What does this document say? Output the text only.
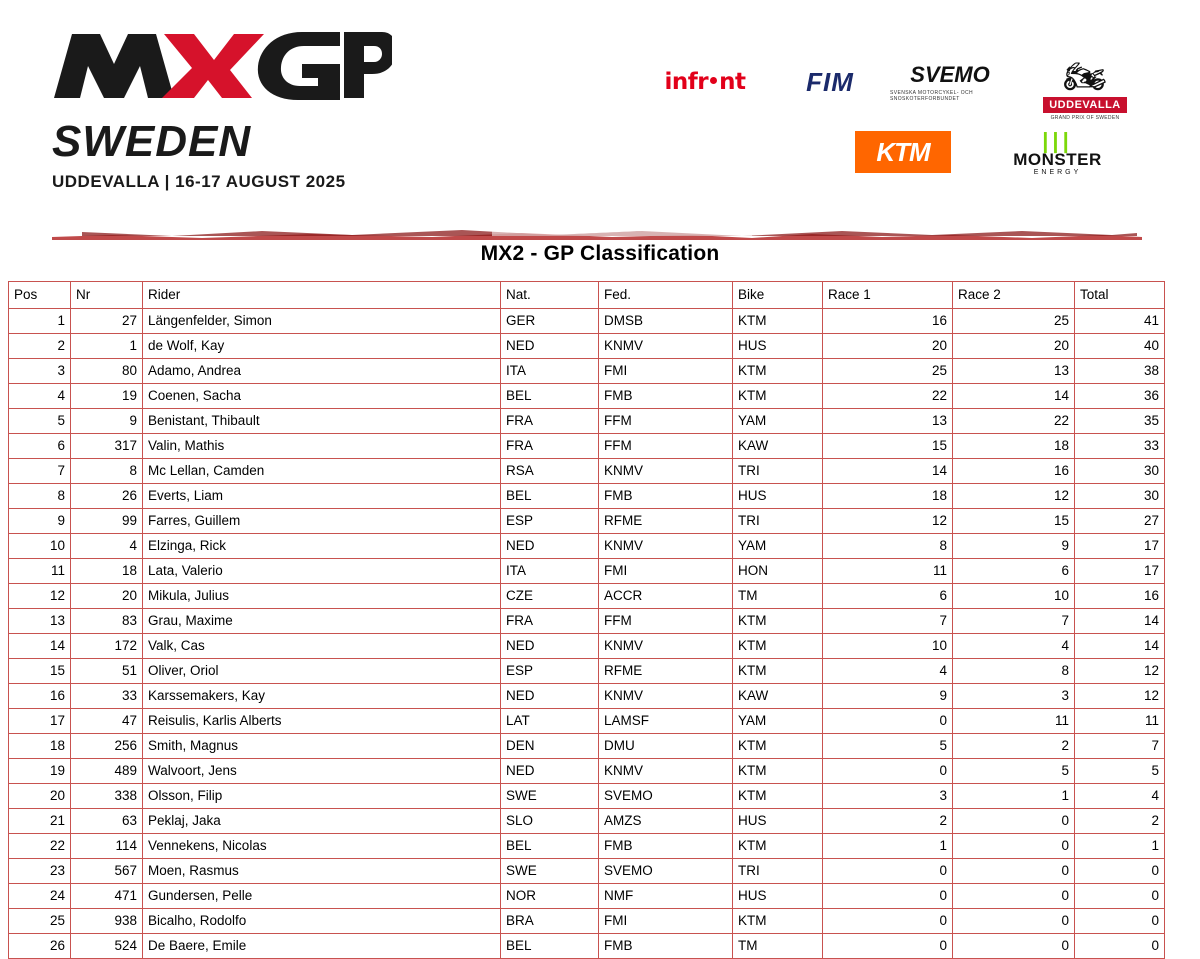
SWEDEN
UDDEVALLA | 16-17 AUGUST 2025
infr nt FIM	SVEMO
SVENSKA MOTORCYKEL- OCH SNOSKOTERFORBUNDET
🏍
UDDEVALLA
GRAND PRIX OF SWEDEN
KTM	|||
MONSTER
ENERGY
MX2 - GP Classification
Pos	Nr	Rider	Nat.	Fed.	Bike	Race 1	Race 2	Total
1	27	Längenfelder, Simon	GER	DMSB	KTM	16	25	41
2	1	de Wolf, Kay	NED	KNMV	HUS	20	20	40
3	80	Adamo, Andrea	ITA	FMI	KTM	25	13	38
4	19	Coenen, Sacha	BEL	FMB	KTM	22	14	36
5	9	Benistant, Thibault	FRA	FFM	YAM	13	22	35
6	317	Valin, Mathis	FRA	FFM	KAW	15	18	33
7	8	Mc Lellan, Camden	RSA	KNMV	TRI	14	16	30
8	26	Everts, Liam	BEL	FMB	HUS	18	12	30
9	99	Farres, Guillem	ESP	RFME	TRI	12	15	27
10	4	Elzinga, Rick	NED	KNMV	YAM	8	9	17
11	18	Lata, Valerio	ITA	FMI	HON	11	6	17
12	20	Mikula, Julius	CZE	ACCR	TM	6	10	16
13	83	Grau, Maxime	FRA	FFM	KTM	7	7	14
14	172	Valk, Cas	NED	KNMV	KTM	10	4	14
15	51	Oliver, Oriol	ESP	RFME	KTM	4	8	12
16	33	Karssemakers, Kay	NED	KNMV	KAW	9	3	12
17	47	Reisulis, Karlis Alberts	LAT	LAMSF	YAM	0	11	11
18	256	Smith, Magnus	DEN	DMU	KTM	5	2	7
19	489	Walvoort, Jens	NED	KNMV	KTM	0	5	5
20	338	Olsson, Filip	SWE	SVEMO	KTM	3	1	4
21	63	Peklaj, Jaka	SLO	AMZS	HUS	2	0	2
22	114	Vennekens, Nicolas	BEL	FMB	KTM	1	0	1
23	567	Moen, Rasmus	SWE	SVEMO	TRI	0	0	0
24	471	Gundersen, Pelle	NOR	NMF	HUS	0	0	0
25	938	Bicalho, Rodolfo	BRA	FMI	KTM	0	0	0
26	524	De Baere, Emile	BEL	FMB	TM	0	0	0
